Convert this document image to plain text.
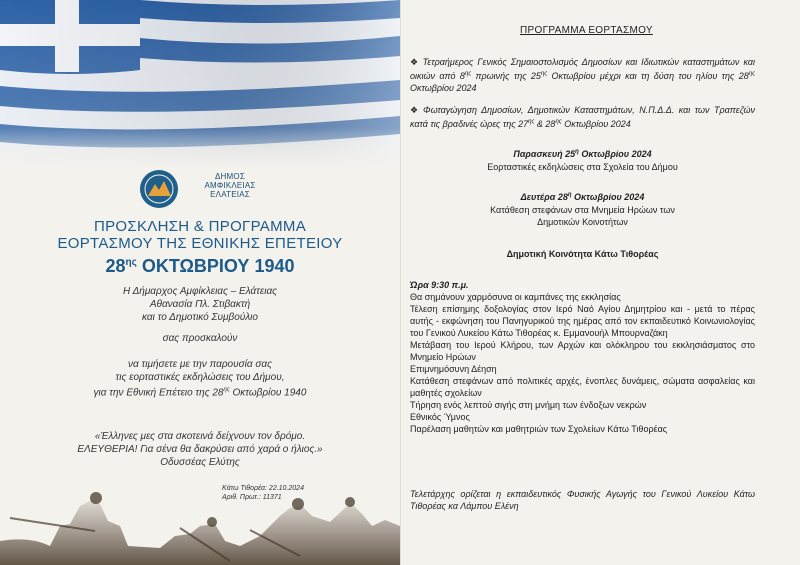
ΔΗΜΟΣ
ΑΜΦΙΚΛΕΙΑΣ
ΕΛΑΤΕΙΑΣ
ΠΡΟΣΚΛΗΣΗ & ΠΡΟΓΡΑΜΜΑ
ΕΟΡΤΑΣΜΟΥ ΤΗΣ ΕΘΝΙΚΗΣ ΕΠΕΤΕΙΟΥ
$28^{\eta\varsigma}$ ΟΚΤΩΒΡΙΟΥ 1940
Η Δήμαρχος Αμφίκλειας – Ελάτειας
Αθανασία Πλ. Στιβακτή
και το Δημοτικό Συμβούλιο
σας προσκαλούν
να τιμήσετε με την παρουσία σας
τις εορταστικές εκδηλώσεις του Δήμου,
για την Εθνική Επέτειο της $28^{\eta\varsigma}$ Οκτωβρίου 1940
«Έλληνες μες στα σκοτεινά δείχνουν τον δρόμο.
ΕΛΕΥΘΕΡΙΑ! Για σένα θα δακρύσει από χαρά ο ήλιος.»
Οδυσσέας Ελύτης
Κάτω Τιθορέα: 22.10.2024
Αριθ. Πρωτ.: 11371
ΠΡΟΓΡΑΜΜΑ ΕΟΡΤΑΣΜΟΥ
❖ Τετραήμερος Γενικός Σημαιοστολισμός Δημοσίων και Ιδιωτικών καταστημάτων και οικιών από $8^{\eta\varsigma}$ πρωινής της $25^{\eta\varsigma}$ Οκτωβρίου μέχρι και τη δύση του ηλίου της $28^{\eta\varsigma}$ Οκτωβρίου 2024
❖ Φωταγώγηση Δημοσίων, Δημοτικών Καταστημάτων, Ν.Π.Δ.Δ. και των Τραπεζών κατά τις βραδινές ώρες της $27^{\eta\varsigma}$ & $28^{\eta\varsigma}$ Οκτωβρίου 2024
Παρασκευή $25^\eta$ Οκτωβρίου 2024
Εορταστικές εκδηλώσεις στα Σχολεία του Δήμου
Δευτέρα $28^\eta$ Οκτωβρίου 2024
Κατάθεση στεφάνων στα Μνημεία Ηρώων των
Δημοτικών Κοινοτήτων
Δημοτική Κοινότητα Κάτω Τιθορέας
Ώρα 9:30 π.μ.
Θα σημάνουν χαρμόσυνα οι καμπάνες της εκκλησίας
Τέλεση επίσημης δοξολογίας στον Ιερό Ναό Αγίου Δημητρίου και - μετά το πέρας αυτής - εκφώνηση του Πανηγυρικού της ημέρας από τον εκπαιδευτικό Κοινωνιολογίας του Γενικού Λυκείου Κάτω Τιθορέας κ. Εμμανουήλ Μπουρναζάκη
Μετάβαση του Ιερού Κλήρου, των Αρχών και ολόκληρου του εκκλησιάσματος στο Μνημείο Ηρώων
Επιμνημόσυνη Δέηση
Κατάθεση στεφάνων από πολιτικές αρχές, ένοπλες δυνάμεις, σώματα ασφαλείας και μαθητές σχολείων
Τήρηση ενός λεπτού σιγής στη μνήμη των ένδοξων νεκρών
Εθνικός Ύμνος
Παρέλαση μαθητών και μαθητριών των Σχολείων Κάτω Τιθορέας
Τελετάρχης ορίζεται η εκπαιδευτικός Φυσικής Αγωγής του Γενικού Λυκείου Κάτω Τιθορέας κα Λάμπου Ελένη
